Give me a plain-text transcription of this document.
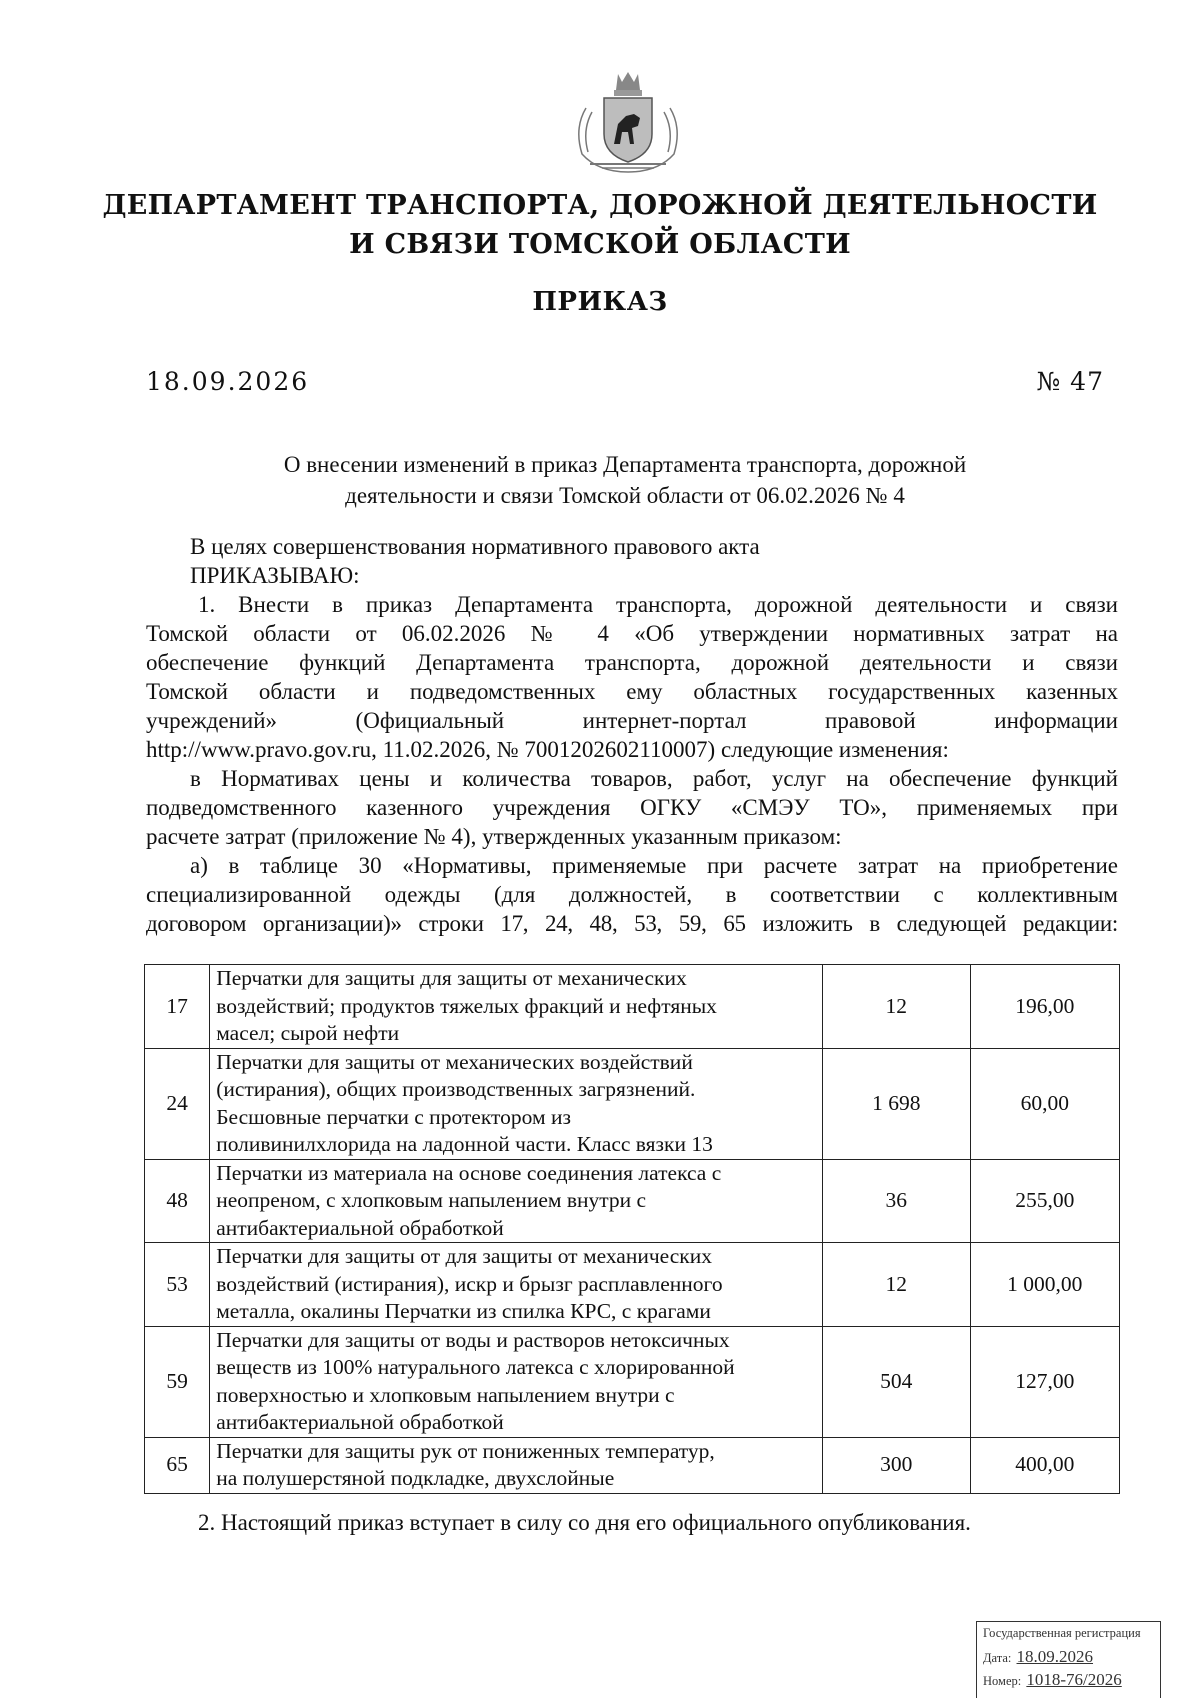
ДЕПАРТАМЕНТ ТРАНСПОРТА, ДОРОЖНОЙ ДЕЯТЕЛЬНОСТИ
И СВЯЗИ ТОМСКОЙ ОБЛАСТИ
ПРИКАЗ
18.09.2026	№ 47
О внесении изменений в приказ Департамента транспорта, дорожной
деятельности и связи Томской области от 06.02.2026 № 4

В целях совершенствования нормативного правового акта

ПРИКАЗЫВАЮ:

1. Внести в приказ Департамента транспорта, дорожной деятельности и связи
Томской области от 06.02.2026 № 4 «Об утверждении нормативных затрат на
обеспечение функций Департамента транспорта, дорожной деятельности и связи
Томской области и подведомственных ему областных государственных казенных
учреждений» (Официальный интернет-портал правовой информации
http://www.pravo.gov.ru, 11.02.2026, № 7001202602110007) следующие изменения:

в Нормативах цены и количества товаров, работ, услуг на обеспечение функций
подведомственного казенного учреждения ОГКУ «СМЭУ ТО», применяемых при
расчете затрат (приложение № 4), утвержденных указанным приказом:

а) в таблице 30 «Нормативы, применяемые при расчете затрат на приобретение
специализированной одежды (для должностей, в соответствии с коллективным
договором организации)» строки 17, 24, 48, 53, 59, 65 изложить в следующей редакции:

17	Перчатки для защиты для защиты от механических
воздействий; продуктов тяжелых фракций и нефтяных
масел; сырой нефти	12	196,00
24	Перчатки для защиты от механических воздействий
(истирания), общих производственных загрязнений.
Бесшовные перчатки с протектором из
поливинилхлорида на ладонной части. Класс вязки 13	1 698	60,00
48	Перчатки из материала на основе соединения латекса с
неопреном, с хлопковым напылением внутри с
антибактериальной обработкой	36	255,00
53	Перчатки для защиты от для защиты от механических
воздействий (истирания), искр и брызг расплавленного
металла, окалины Перчатки из спилка КРС, с крагами	12	1 000,00
59	Перчатки для защиты от воды и растворов нетоксичных
веществ из 100% натурального латекса с хлорированной
поверхностью и хлопковым напылением внутри с
антибактериальной обработкой	504	127,00
65	Перчатки для защиты рук от пониженных температур,
на полушерстяной подкладке, двухслойные	300	400,00
2. Настоящий приказ вступает в силу со дня его официального опубликования.
Государственная регистрация
Дата: 18.09.2026
Номер: 1018-76/2026
